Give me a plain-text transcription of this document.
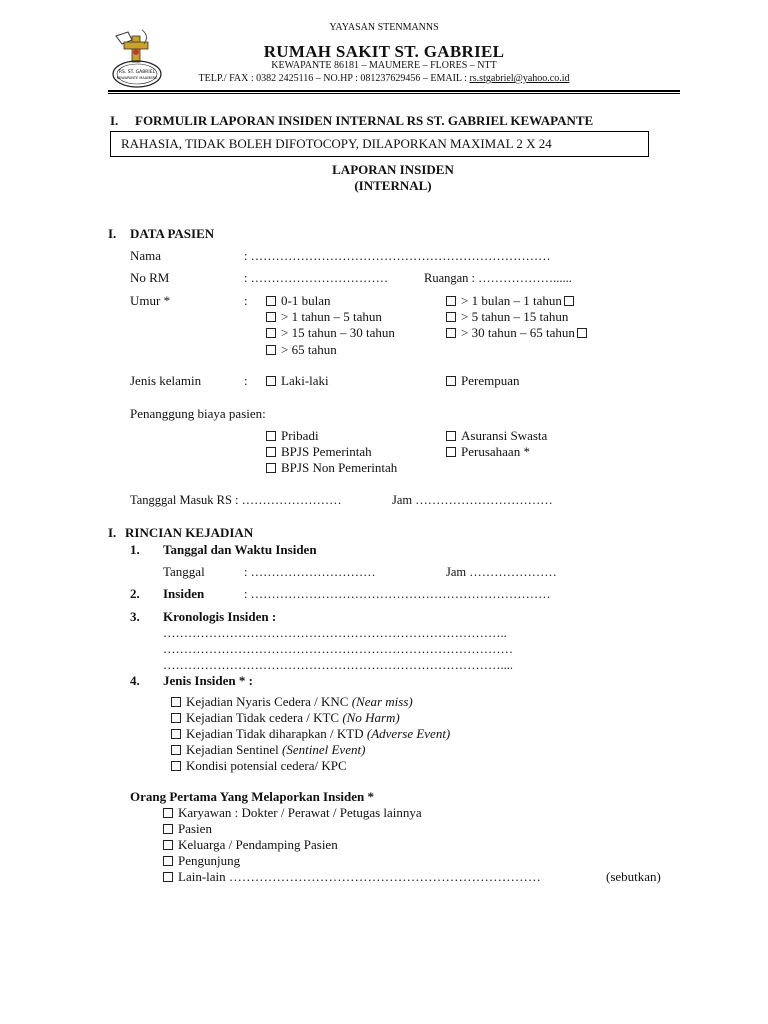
RS. ST. GABRIEL
KEWAPANTE MAUMERE
YAYASAN STENMANNS
RUMAH SAKIT ST. GABRIEL
KEWAPANTE 86181 – MAUMERE – FLORES – NTT
TELP./ FAX : 0382 2425116 – NO.HP : 081237629456 – EMAIL : rs.stgabriel@yahoo.co.id
I. FORMULIR LAPORAN INSIDEN INTERNAL RS ST. GABRIEL KEWAPANTE
RAHASIA, TIDAK BOLEH DIFOTOCOPY, DILAPORKAN MAXIMAL 2 X 24
LAPORAN INSIDEN
(INTERNAL)
I. DATA PASIEN
Nama	: ………………………………………………………………
No RM	: ……………………………	Ruangan : ………………......
Umur *	:	0-1 bulan	> 1 bulan – 1 tahun
> 1 tahun – 5 tahun	> 5 tahun – 15 tahun
> 15 tahun – 30 tahun	> 30 tahun – 65 tahun
> 65 tahun
Jenis kelamin	:	Laki-laki	Perempuan
Penanggung biaya pasien:
Pribadi	Asuransi Swasta
BPJS Pemerintah	Perusahaan *
BPJS Non Pemerintah
Tangggal Masuk RS : ……………………	Jam ……………………………
I. RINCIAN KEJADIAN
1. Tanggal dan Waktu Insiden
Tanggal	: …………………………	Jam …………………
2. Insiden	: ………………………………………………………………
3. Kronologis Insiden :
………………………………………………………………………..
…………………………………………………………………………
………………………………………………………………………....
4. Jenis Insiden * :
Kejadian Nyaris Cedera / KNC (Near miss)
Kejadian Tidak cedera / KTC (No Harm)
Kejadian Tidak diharapkan / KTD (Adverse Event)
Kejadian Sentinel (Sentinel Event)
Kondisi potensial cedera/ KPC
Orang Pertama Yang Melaporkan Insiden *
Karyawan : Dokter / Perawat / Petugas lainnya
Pasien
Keluarga / Pendamping Pasien
Pengunjung
Lain-lain ………………………………………………………………	(sebutkan)
